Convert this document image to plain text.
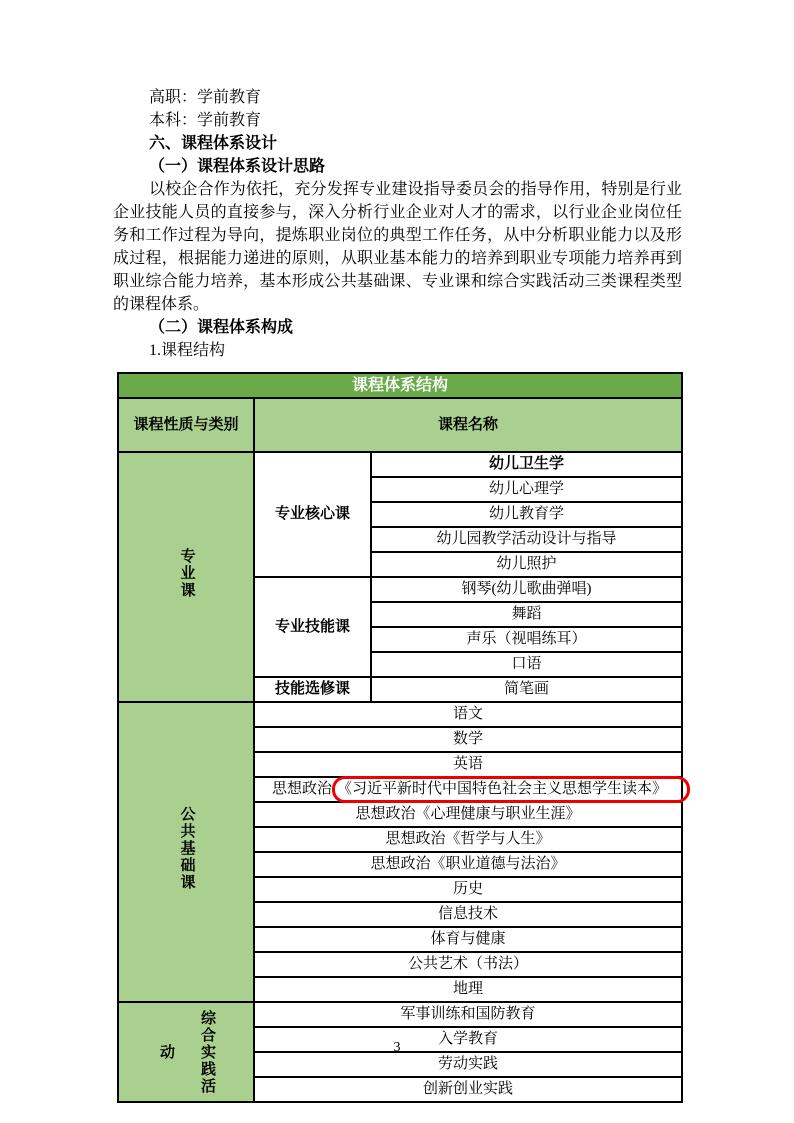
高职：学前教育
本科：学前教育
六、课程体系设计
（一）课程体系设计思路

以校企合作为依托，充分发挥专业建设指导委员会的指导作用，特别是行业企业技能人员的直接参与，深入分析行业企业对人才的需求，以行业企业岗位任务和工作过程为导向，提炼职业岗位的典型工作任务，从中分析职业能力以及形成过程，根据能力递进的原则，从职业基本能力的培养到职业专项能力培养再到职业综合能力培养，基本形成公共基础课、专业课和综合实践活动三类课程类型的课程体系。

（二）课程体系构成
1.课程结构
课程体系结构		
课程性质与类别	课程名称	
专业课	专业核心课	幼儿卫生学
		幼儿心理学
		幼儿教育学
		幼儿园教学活动设计与指导
		幼儿照护
	专业技能课	钢琴(幼儿歌曲弹唱)
		舞蹈
		声乐（视唱练耳）
		口语
	技能选修课	简笔画
公共基础课	语文	
	数学	
	英语	
	思想政治 《习近平新时代中国特色社会主义思想学生读本》	
	思想政治《心理健康与职业生涯》	
	思想政治《哲学与人生》	
	思想政治《职业道德与法治》	
	历史	
	信息技术	
	体育与健康	
	公共艺术（书法）	
	地理	

动 综合实践活	军事训练和国防教育	
	入学教育	
	劳动实践	
	创新创业实践	
3
